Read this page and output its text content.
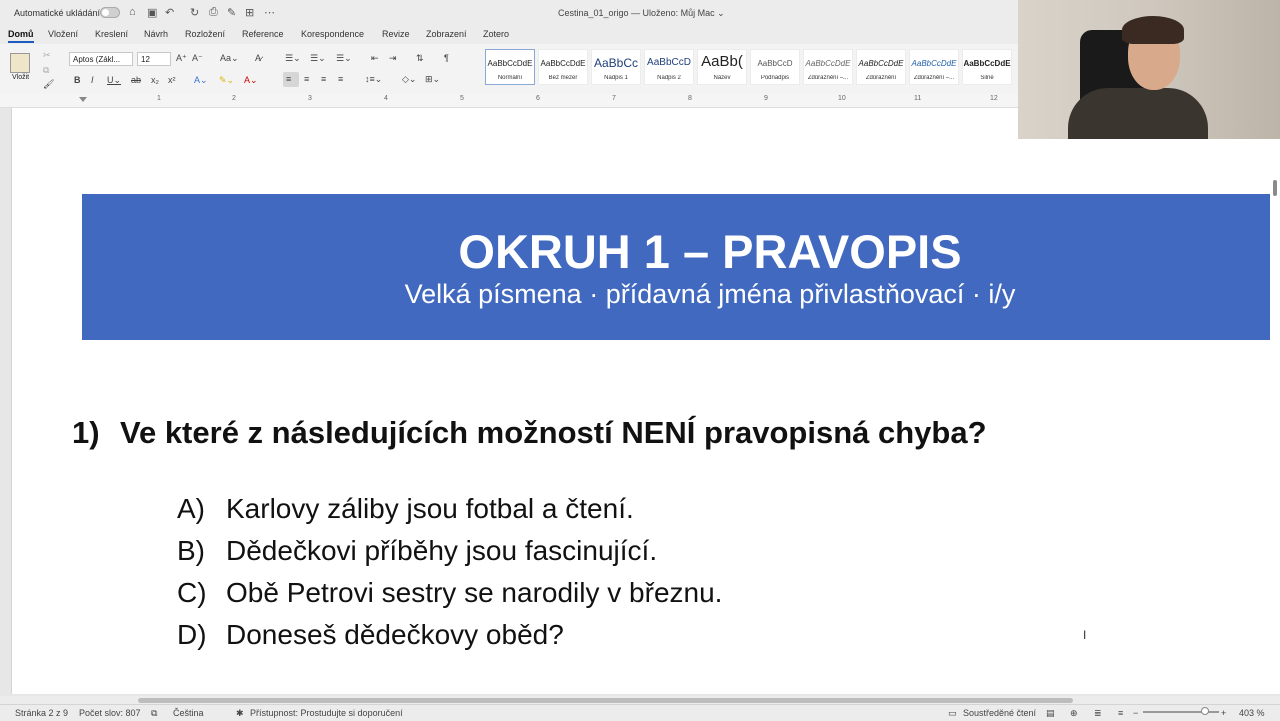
Automatické ukládání	⌂ ▣ ↶ ↻ ⎙ ✎ ⊞ ⋯	Cestina_01_origo — Uloženo: Můj Mac ⌄
Domů Vložení Kreslení Návrh Rozložení Reference Korespondence Revize Zobrazení Zotero
Vložit
✂
⧉
🖌
Aptos (Zákl...	12	A⁺ A⁻ Aa⌄ A̷
B I U⌄ ab x₂ x² A⌄ ✎⌄ A⌄
☰⌄ ☰⌄ ☰⌄ ⇤ ⇥ ⇅ ¶
≡ ≡ ≡ ≡ ↕≡⌄ ◇⌄ ⊞⌄
AaBbCcDdE
Normální
AaBbCcDdE
Bez mezer
AaBbCc
Nadpis 1
AaBbCcD
Nadpis 2
AaBb(
Název
AaBbCcD
Podnadpis
AaBbCcDdE
Zdůraznění –...
AaBbCcDdE
Zdůraznění
AaBbCcDdE
Zdůraznění –...
AaBbCcDdE
Silné
1	2	3	4	5	6	7	8	9	10	11	12
OKRUH 1 – PRAVOPIS
Velká písmena · přídavná jména přivlastňovací · i/y
1) Ve které z následujících možností NENÍ pravopisná chyba?
A) Karlovy záliby jsou fotbal a čtení.
B) Dědečkovi příběhy jsou fascinující.
C) Obě Petrovi sestry se narodily v březnu.
D) Doneseš dědečkovy oběd?	I
Stránka 2 z 9 Počet slov: 807 ⧉ Čeština	✱ Přístupnost: Prostudujte si doporučení	▭ Soustředěné čtení ▤ ⊕ ≣ ≡ −	+ 403 %
